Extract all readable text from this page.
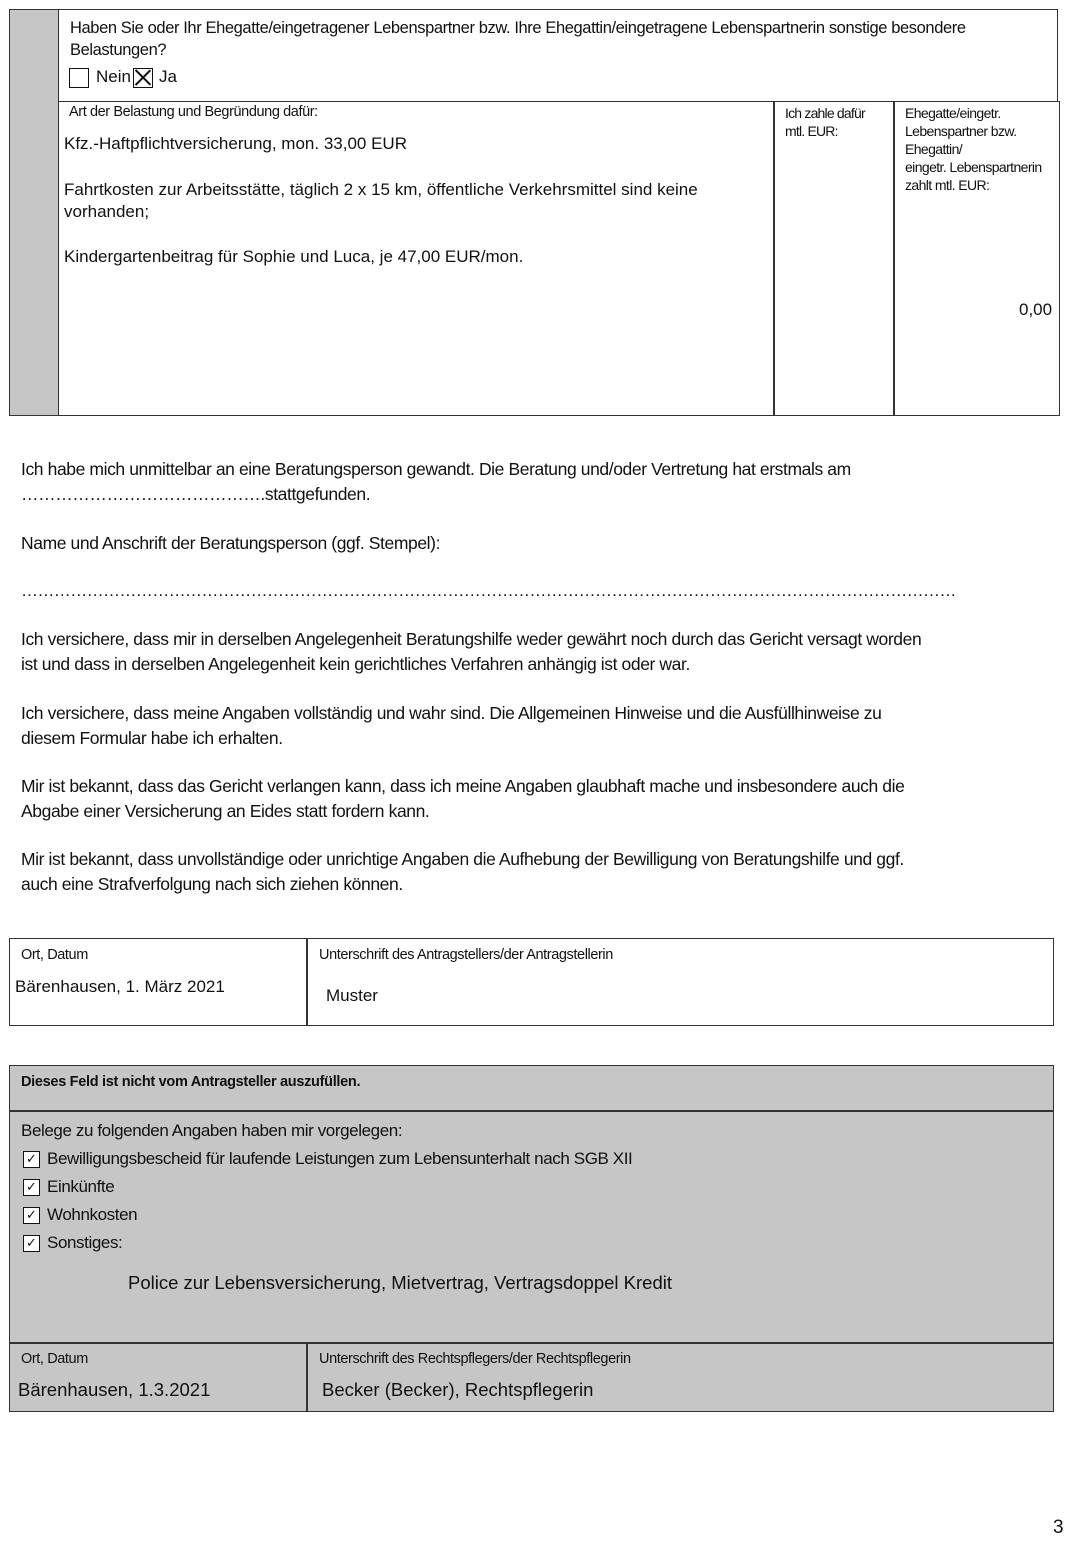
Haben Sie oder Ihr Ehegatte/eingetragener Lebenspartner bzw. Ihre Ehegattin/eingetragene Lebenspartnerin sonstige besondere
Belastungen?
Nein Ja
Art der Belastung und Begründung dafür:	Ich zahle dafür
mtl. EUR:
Ehegatte/eingetr.
Lebenspartner bzw.
Ehegattin/
eingetr. Lebenspartnerin
zahlt mtl. EUR:
Kfz.-Haftpflichtversicherung, mon. 33,00 EUR
Fahrtkosten zur Arbeitsstätte, täglich 2 x 15 km, öffentliche Verkehrsmittel sind keine
vorhanden;
Kindergartenbeitrag für Sophie und Luca, je 47,00 EUR/mon.
0,00
Ich habe mich unmittelbar an eine Beratungsperson gewandt. Die Beratung und/oder Vertretung hat erstmals am
…………………………………….stattgefunden.
Name und Anschrift der Beratungsperson (ggf. Stempel):
………………………………………………………………………………………………………………………………………………………
Ich versichere, dass mir in derselben Angelegenheit Beratungshilfe weder gewährt noch durch das Gericht versagt worden
ist und dass in derselben Angelegenheit kein gerichtliches Verfahren anhängig ist oder war.
Ich versichere, dass meine Angaben vollständig und wahr sind. Die Allgemeinen Hinweise und die Ausfüllhinweise zu
diesem Formular habe ich erhalten.
Mir ist bekannt, dass das Gericht verlangen kann, dass ich meine Angaben glaubhaft mache und insbesondere auch die
Abgabe einer Versicherung an Eides statt fordern kann.
Mir ist bekannt, dass unvollständige oder unrichtige Angaben die Aufhebung der Bewilligung von Beratungshilfe und ggf.
auch eine Strafverfolgung nach sich ziehen können.
Ort, Datum
Bärenhausen, 1. März 2021
Unterschrift des Antragstellers/der Antragstellerin
Muster
Dieses Feld ist nicht vom Antragsteller auszufüllen.
Belege zu folgenden Angaben haben mir vorgelegen:
✓ Bewilligungsbescheid für laufende Leistungen zum Lebensunterhalt nach SGB XII
✓ Einkünfte
✓ Wohnkosten
✓ Sonstiges:
Police zur Lebensversicherung, Mietvertrag, Vertragsdoppel Kredit
Ort, Datum
Bärenhausen, 1.3.2021
Unterschrift des Rechtspflegers/der Rechtspflegerin
Becker (Becker), Rechtspflegerin
3
